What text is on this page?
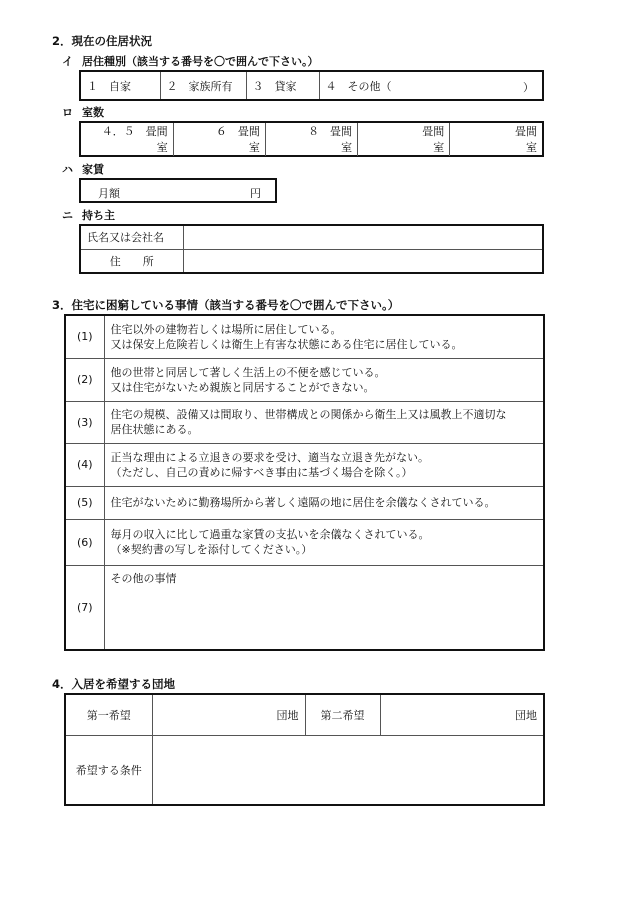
2．現在の住居状況
イ 居住種別（該当する番号を〇で囲んで下さい。）
１　自家	２　家族所有	３　貸家	４　その他（	）
ロ 室数
４．５　畳間
室

６　畳間
室

８　畳間
室

畳間
室

畳間
室
ハ 家賃
月額	円
ニ 持ち主
氏名又は会社名	
住　　所	
3．住宅に困窮している事情（該当する番号を〇で囲んで下さい。）
(1)	住宅以外の建物若しくは場所に居住している。
又は保安上危険若しくは衛生上有害な状態にある住宅に居住している。

(2)	他の世帯と同居して著しく生活上の不便を感じている。
又は住宅がないため親族と同居することができない。

(3)	住宅の規模、設備又は間取り、世帯構成との関係から衛生上又は風教上不適切な
居住状態にある。

(4)	正当な理由による立退きの要求を受け、適当な立退き先がない。
（ただし、自己の責めに帰すべき事由に基づく場合を除く。）

(5)	住宅がないために勤務場所から著しく遠隔の地に居住を余儀なくされている。

(6)	毎月の収入に比して過重な家賃の支払いを余儀なくされている。
（※契約書の写しを添付してください。）

(7)	その他の事情
4．入居を希望する団地
第一希望	団地	第二希望	団地
希望する条件			
